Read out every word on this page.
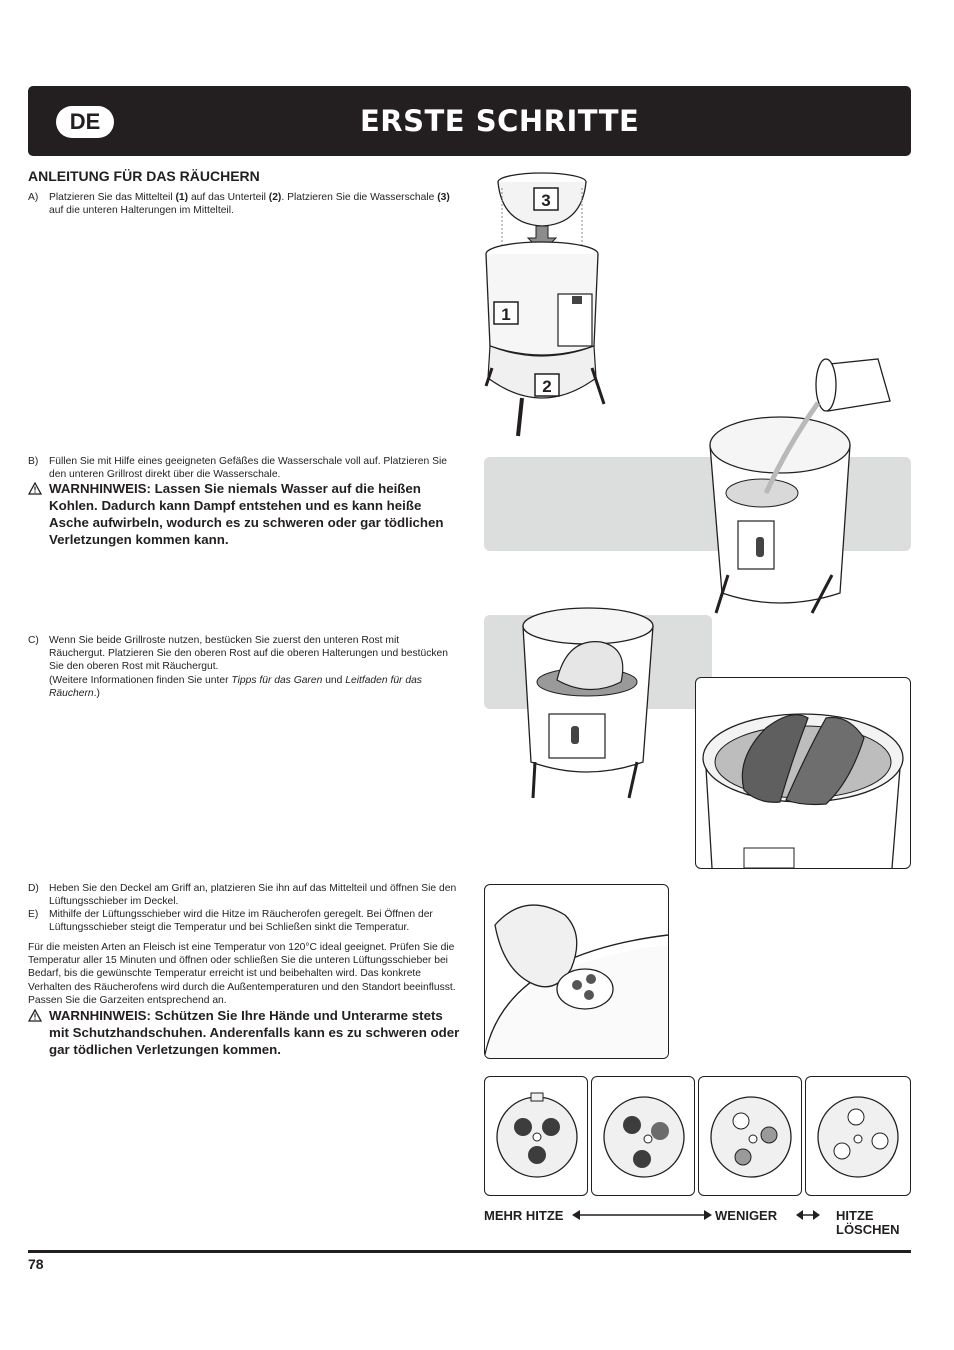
DE	ERSTE SCHRITTE
ANLEITUNG FÜR DAS RÄUCHERN
A) Platzieren Sie das Mittelteil (1) auf das Unterteil (2). Platzieren Sie die Wasserschale (3) auf die unteren Halterungen im Mittelteil.
B) Füllen Sie mit Hilfe eines geeigneten Gefäßes die Wasserschale voll auf. Platzieren Sie den unteren Grillrost direkt über die Wasserschale.
WARNHINWEIS: Lassen Sie niemals Wasser auf die heißen Kohlen. Dadurch kann Dampf entstehen und es kann heiße Asche aufwirbeln, wodurch es zu schweren oder gar tödlichen Verletzungen kommen kann.
C) Wenn Sie beide Grillroste nutzen, bestücken Sie zuerst den unteren Rost mit Räuchergut. Platzieren Sie den oberen Rost auf die oberen Halterungen und bestücken Sie den oberen Rost mit Räuchergut.
(Weitere Informationen finden Sie unter Tipps für das Garen und Leitfaden für das Räuchern.)
D) Heben Sie den Deckel am Griff an, platzieren Sie ihn auf das Mittelteil und öffnen Sie den Lüftungsschieber im Deckel.
E) Mithilfe der Lüftungsschieber wird die Hitze im Räucherofen geregelt. Bei Öffnen der Lüftungsschieber steigt die Temperatur und bei Schließen sinkt die Temperatur.
Für die meisten Arten an Fleisch ist eine Temperatur von 120°C ideal geeignet. Prüfen Sie die Temperatur aller 15 Minuten und öffnen oder schließen Sie die unteren Lüftungsschieber bei Bedarf, bis die gewünschte Temperatur erreicht ist und beibehalten wird. Das konkrete Verhalten des Räucherofens wird durch die Außentemperaturen und den Standort beeinflusst. Passen Sie die Garzeiten entsprechend an.
WARNHINWEIS: Schützen Sie Ihre Hände und Unterarme stets mit Schutzhandschuhen. Anderenfalls kann es zu schweren oder gar tödlichen Verletzungen kommen.
3
1
2
MEHR HITZE	WENIGER	HITZE
LÖSCHEN
78
